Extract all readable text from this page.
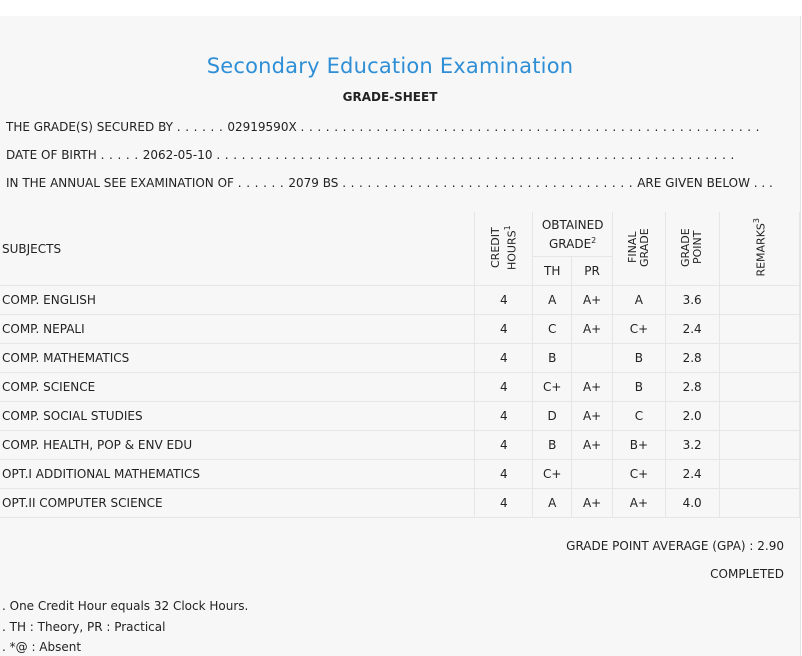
Secondary Education Examination
GRADE-SHEET
THE GRADE(S) SECURED BY . . . . . . 02919590X . . . . . . . . . . . . . . . . . . . . . . . . . . . . . . . . . . . . . . . . . . . . . . . . . . . . . . .
DATE OF BIRTH . . . . . 2062-05-10 . . . . . . . . . . . . . . . . . . . . . . . . . . . . . . . . . . . . . . . . . . . . . . . . . . . . . . . . . . . . . .
IN THE ANNUAL SEE EXAMINATION OF . . . . . . 2079 BS . . . . . . . . . . . . . . . . . . . . . . . . . . . . . . . . . . . ARE GIVEN BELOW . . .
SUBJECTS	CREDIT HOURS$^1$	OBTAINED GRADE$^2$		FINAL GRADE	GRADE POINT	REMARKS$^3$
		TH	PR			
COMP. ENGLISH	4	A	A+	A	3.6	
COMP. NEPALI	4	C	A+	C+	2.4	
COMP. MATHEMATICS	4	B		B	2.8	
COMP. SCIENCE	4	C+	A+	B	2.8	
COMP. SOCIAL STUDIES	4	D	A+	C	2.0	
COMP. HEALTH, POP & ENV EDU	4	B	A+	B+	3.2	
OPT.I ADDITIONAL MATHEMATICS	4	C+		C+	2.4	
OPT.II COMPUTER SCIENCE	4	A	A+	A+	4.0	
GRADE POINT AVERAGE (GPA) : 2.90
COMPLETED
. One Credit Hour equals 32 Clock Hours.
. TH : Theory, PR : Practical
. *@ : Absent
